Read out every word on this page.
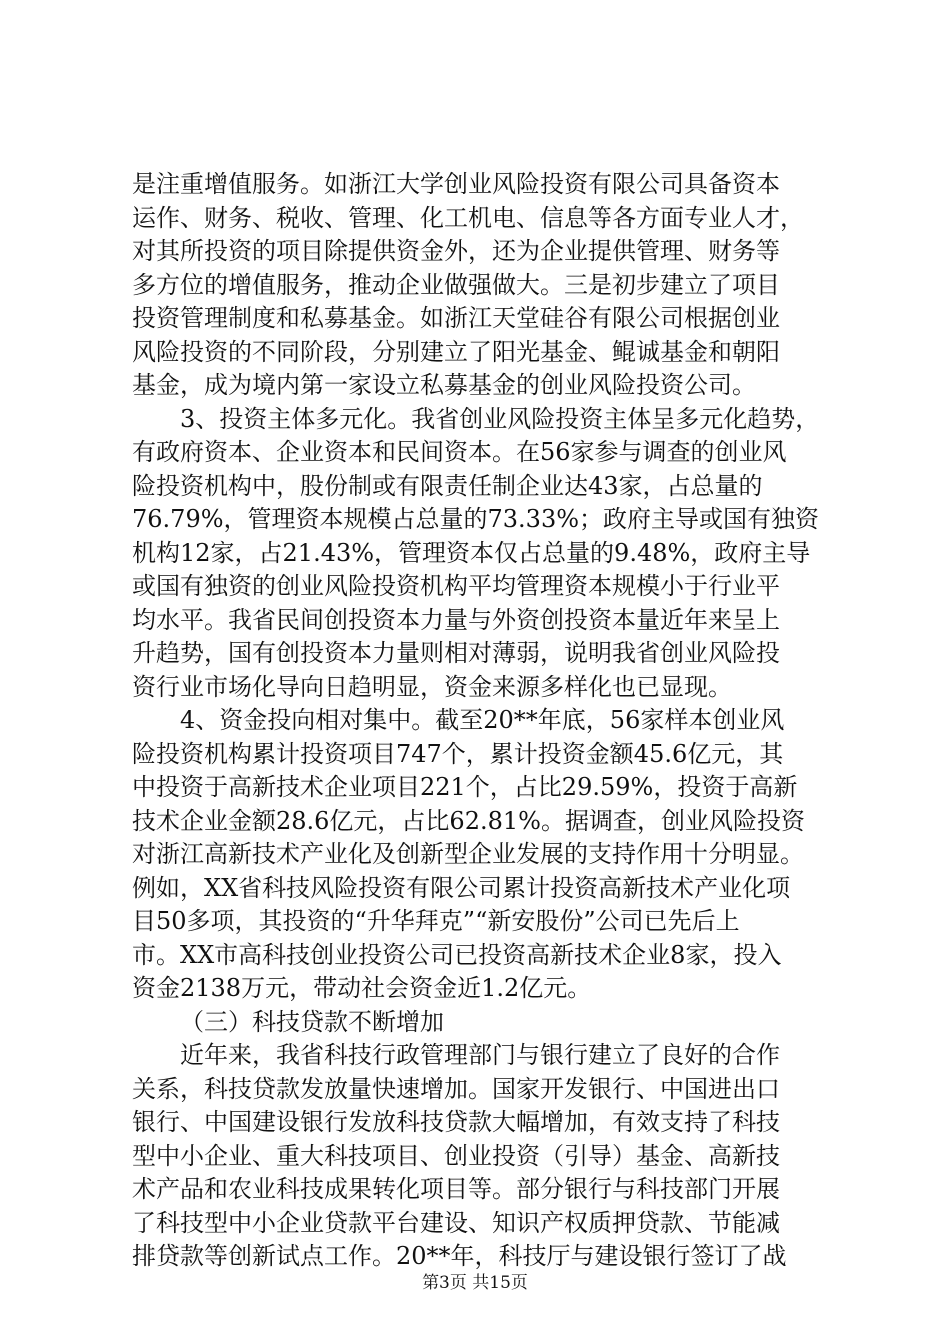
是注重增值服务。如浙江大学创业风险投资有限公司具备资本
运作、财务、税收、管理、化工机电、信息等各方面专业人才，
对其所投资的项目除提供资金外，还为企业提供管理、财务等
多方位的增值服务，推动企业做强做大。三是初步建立了项目
投资管理制度和私募基金。如浙江天堂硅谷有限公司根据创业
风险投资的不同阶段，分别建立了阳光基金、鲲诚基金和朝阳
基金，成为境内第一家设立私募基金的创业风险投资公司。
3、投资主体多元化。我省创业风险投资主体呈多元化趋势，
有政府资本、企业资本和民间资本。在56家参与调查的创业风
险投资机构中，股份制或有限责任制企业达43家，占总量的
76.79%，管理资本规模占总量的73.33%；政府主导或国有独资
机构12家，占21.43%，管理资本仅占总量的9.48%，政府主导
或国有独资的创业风险投资机构平均管理资本规模小于行业平
均水平。我省民间创投资本力量与外资创投资本量近年来呈上
升趋势，国有创投资本力量则相对薄弱，说明我省创业风险投
资行业市场化导向日趋明显，资金来源多样化也已显现。
4、资金投向相对集中。截至20**年底，56家样本创业风
险投资机构累计投资项目747个，累计投资金额45.6亿元，其
中投资于高新技术企业项目221个，占比29.59%，投资于高新
技术企业金额28.6亿元，占比62.81%。据调查，创业风险投资
对浙江高新技术产业化及创新型企业发展的支持作用十分明显。
例如，XX省科技风险投资有限公司累计投资高新技术产业化项
目50多项，其投资的“升华拜克”“新安股份”公司已先后上
市。XX市高科技创业投资公司已投资高新技术企业8家，投入
资金2138万元，带动社会资金近1.2亿元。
（三）科技贷款不断增加
近年来，我省科技行政管理部门与银行建立了良好的合作
关系，科技贷款发放量快速增加。国家开发银行、中国进出口
银行、中国建设银行发放科技贷款大幅增加，有效支持了科技
型中小企业、重大科技项目、创业投资（引导）基金、高新技
术产品和农业科技成果转化项目等。部分银行与科技部门开展
了科技型中小企业贷款平台建设、知识产权质押贷款、节能减
排贷款等创新试点工作。20**年，科技厅与建设银行签订了战
第3页 共15页
